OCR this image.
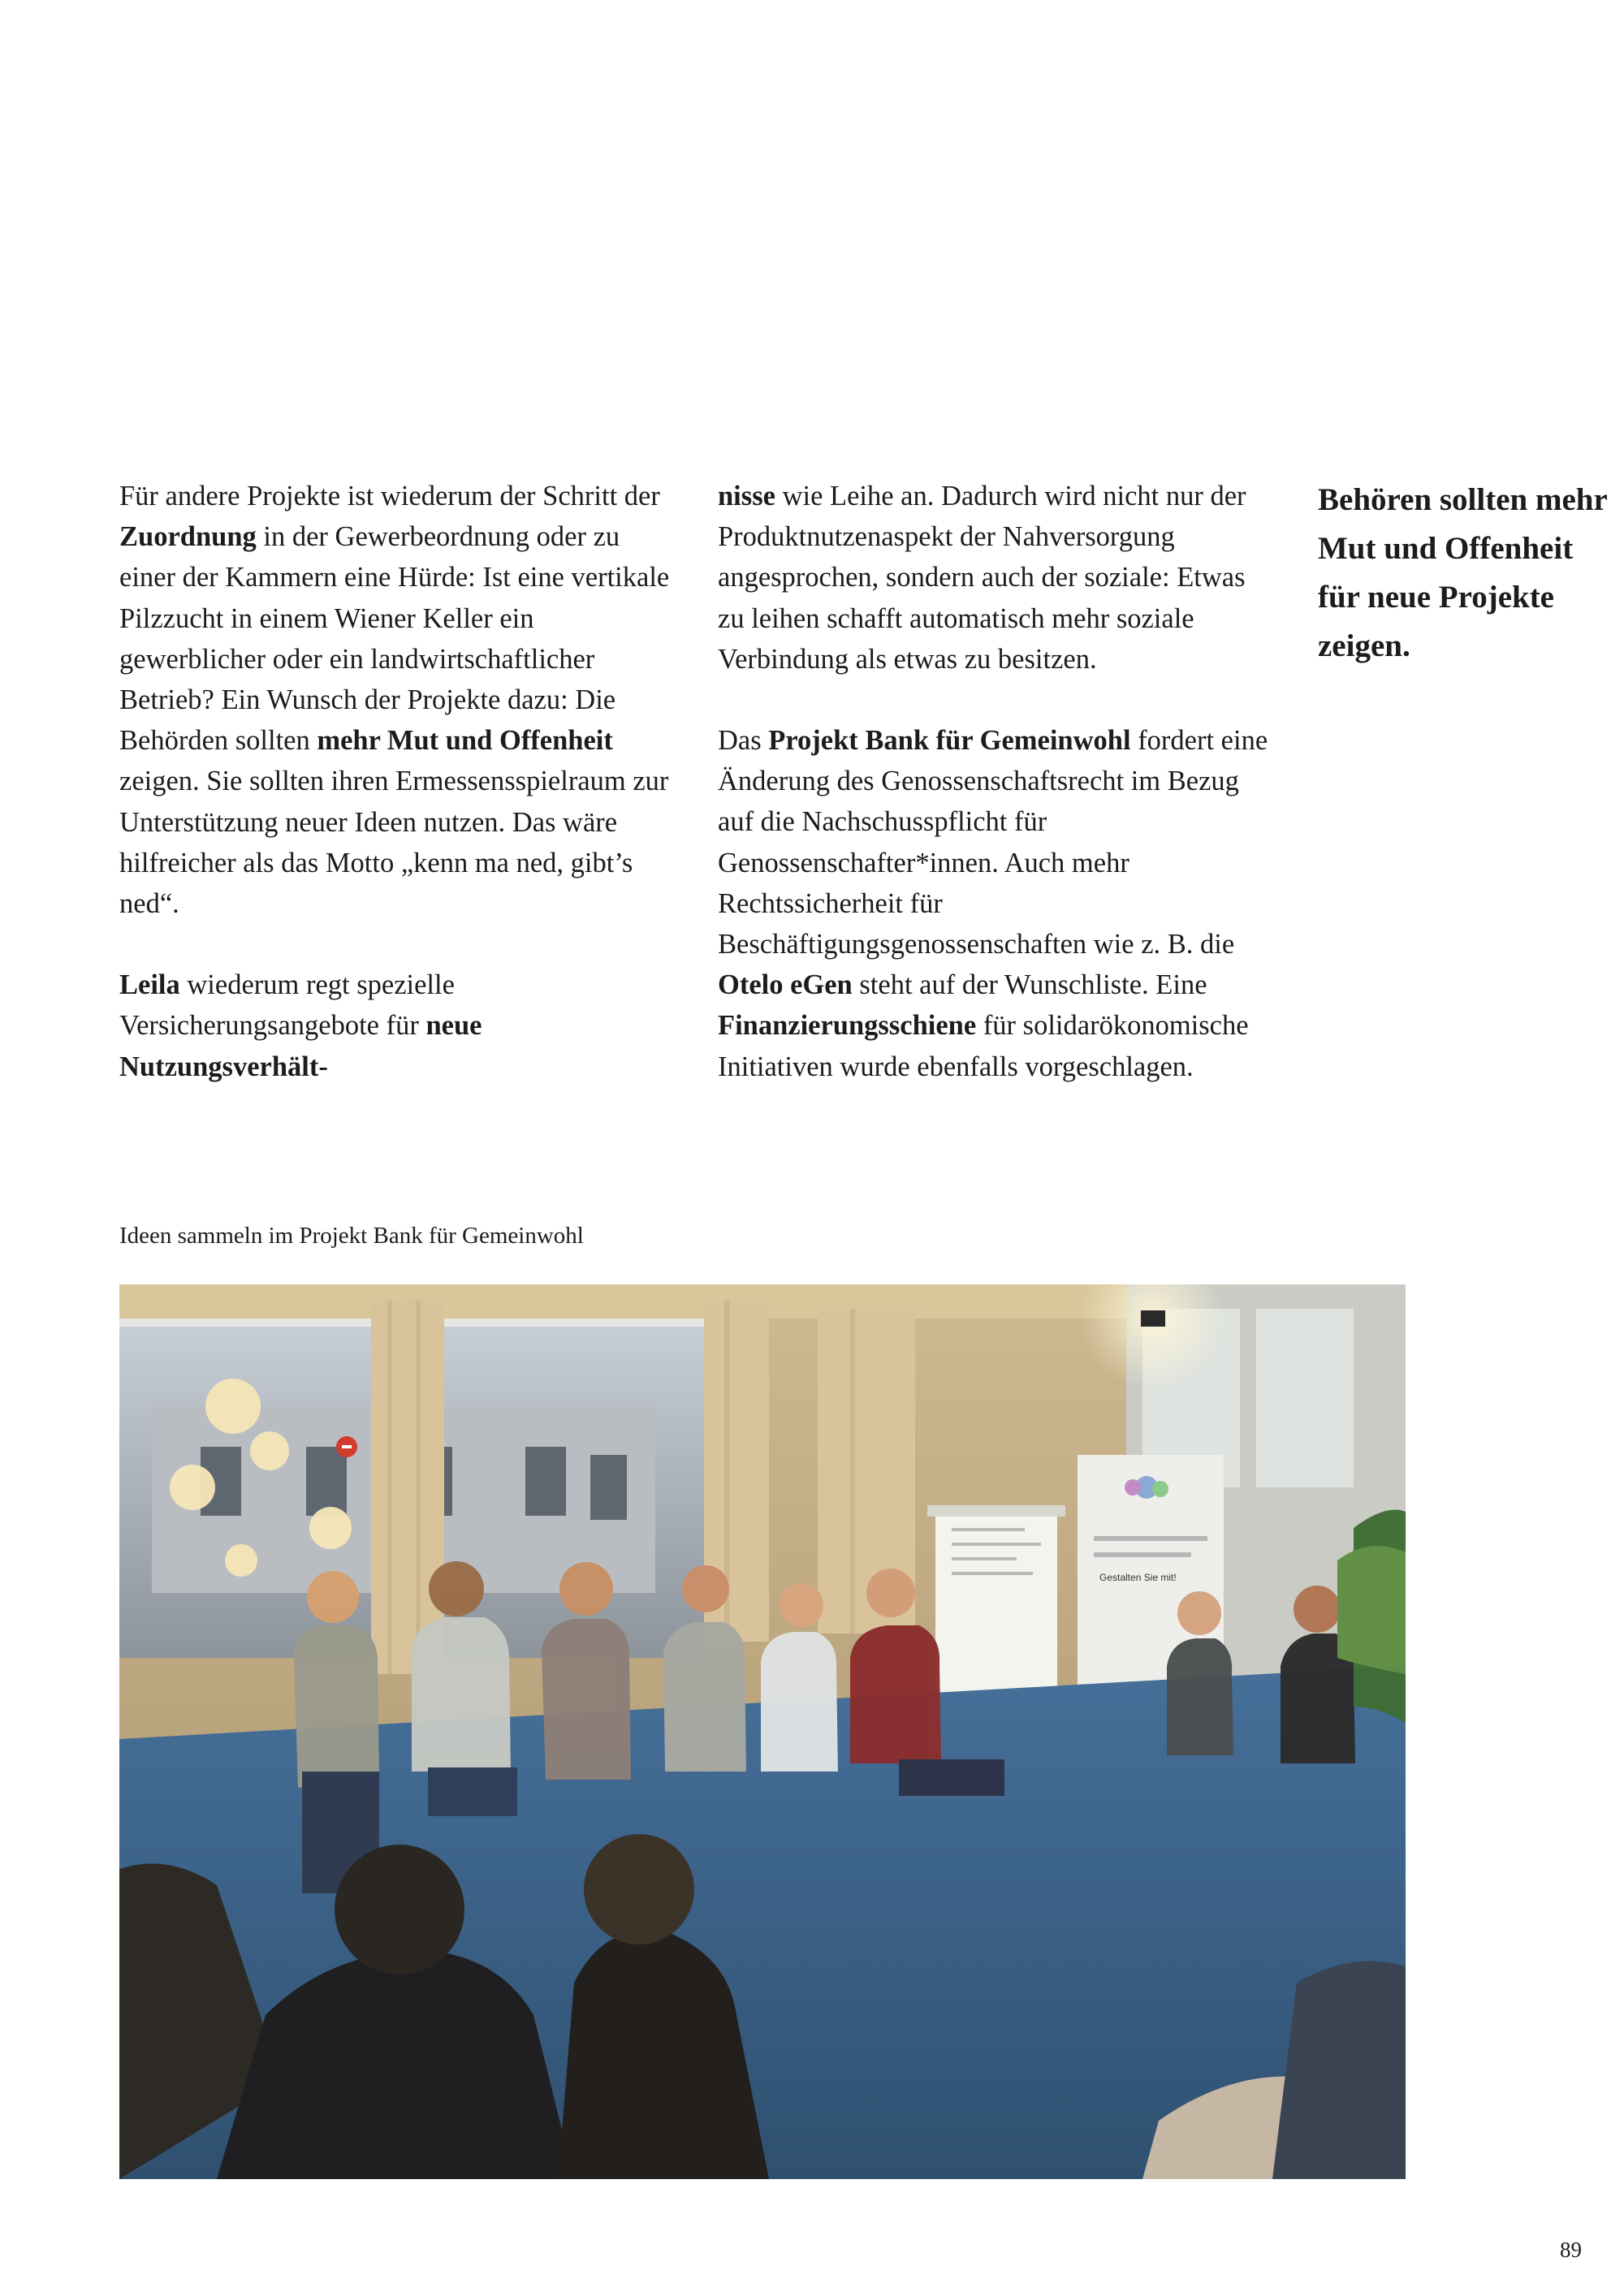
Für andere Projekte ist wiederum der Schritt der Zuordnung in der Gewerbeordnung oder zu einer der Kammern eine Hürde: Ist eine vertikale Pilzzucht in einem Wiener Keller ein gewerblicher oder ein landwirtschaftlicher Betrieb? Ein Wunsch der Projekte dazu: Die Behörden sollten mehr Mut und Offenheit zeigen. Sie sollten ihren Ermessensspielraum zur Unterstützung neuer Ideen nutzen. Das wäre hilfreicher als das Motto „kenn ma ned, gibt’s ned“.

Leila wiederum regt spezielle Versicherungsangebote für neue Nutzungsverhält-

nisse wie Leihe an. Dadurch wird nicht nur der Produktnutzenaspekt der Nahversorgung angesprochen, sondern auch der soziale: Etwas zu leihen schafft automatisch mehr soziale Verbindung als etwas zu besitzen.

Das Projekt Bank für Gemeinwohl fordert eine Änderung des Genossenschaftsrecht im Bezug auf die Nachschusspflicht für Genossenschafter*innen. Auch mehr Rechtssicherheit für Beschäftigungsgenossenschaften wie z. B. die Otelo eGen steht auf der Wunschliste. Eine Finanzierungsschiene für solidarökonomische Initiativen wurde ebenfalls vorgeschlagen.

Behören sollten mehr Mut und Offenheit für neue Projekte zeigen.

Ideen sammeln im Projekt Bank für Gemeinwohl

Gestalten Sie mit!
89
